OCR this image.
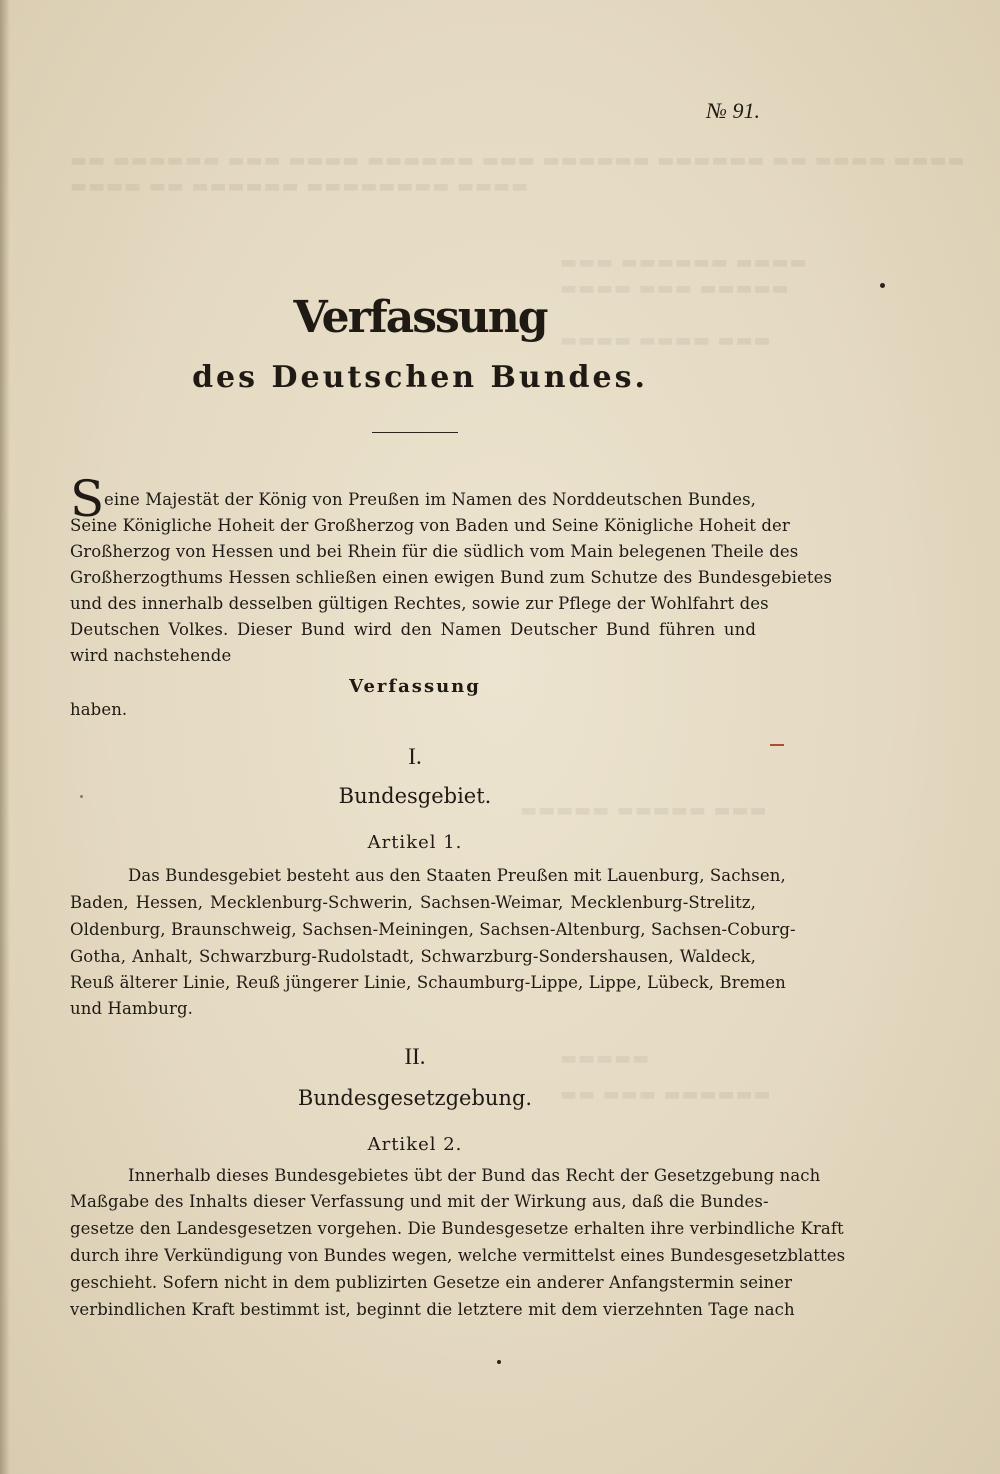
▬▬ ▬▬▬▬▬▬ ▬▬▬ ▬▬▬▬ ▬▬▬▬▬▬ ▬▬▬ ▬▬▬▬▬▬ ▬▬▬▬▬▬ ▬▬ ▬▬▬▬ ▬▬▬▬
▬▬▬▬ ▬▬ ▬▬▬▬▬▬ ▬▬▬▬▬▬▬▬ ▬▬▬▬
▬▬▬ ▬▬▬▬▬▬ ▬▬▬▬
▬▬▬▬ ▬▬▬ ▬▬▬▬▬
▬▬▬▬ ▬▬▬▬ ▬▬▬
▬▬▬▬▬ ▬▬▬▬▬ ▬▬▬
▬▬▬▬▬
▬▬ ▬▬▬ ▬▬▬▬▬▬
№ 91.
Verfassung
des Deutschen Bundes.
S eine Majestät der König von Preußen im Namen des Norddeutschen Bundes,
Seine Königliche Hoheit der Großherzog von Baden und Seine Königliche Hoheit der
Großherzog von Hessen und bei Rhein für die südlich vom Main belegenen Theile des
Großherzogthums Hessen schließen einen ewigen Bund zum Schutze des Bundesgebietes
und des innerhalb desselben gültigen Rechtes, sowie zur Pflege der Wohlfahrt des
Deutschen Volkes. Dieser Bund wird den Namen Deutscher Bund führen und
wird nachstehende
haben.
Verfassung
I.
Bundesgebiet.
Artikel 1.
Das Bundesgebiet besteht aus den Staaten Preußen mit Lauenburg, Sachsen,
Baden, Hessen, Mecklenburg-Schwerin, Sachsen-Weimar, Mecklenburg-Strelitz,
Oldenburg, Braunschweig, Sachsen-Meiningen, Sachsen-Altenburg, Sachsen-Coburg-
Gotha, Anhalt, Schwarzburg-Rudolstadt, Schwarzburg-Sondershausen, Waldeck,
Reuß älterer Linie, Reuß jüngerer Linie, Schaumburg-Lippe, Lippe, Lübeck, Bremen
und Hamburg.
II.
Bundesgesetzgebung.
Artikel 2.
Innerhalb dieses Bundesgebietes übt der Bund das Recht der Gesetzgebung nach
Maßgabe des Inhalts dieser Verfassung und mit der Wirkung aus, daß die Bundes-
gesetze den Landesgesetzen vorgehen. Die Bundesgesetze erhalten ihre verbindliche Kraft
durch ihre Verkündigung von Bundes wegen, welche vermittelst eines Bundesgesetzblattes
geschieht. Sofern nicht in dem publizirten Gesetze ein anderer Anfangstermin seiner
verbindlichen Kraft bestimmt ist, beginnt die letztere mit dem vierzehnten Tage nach
